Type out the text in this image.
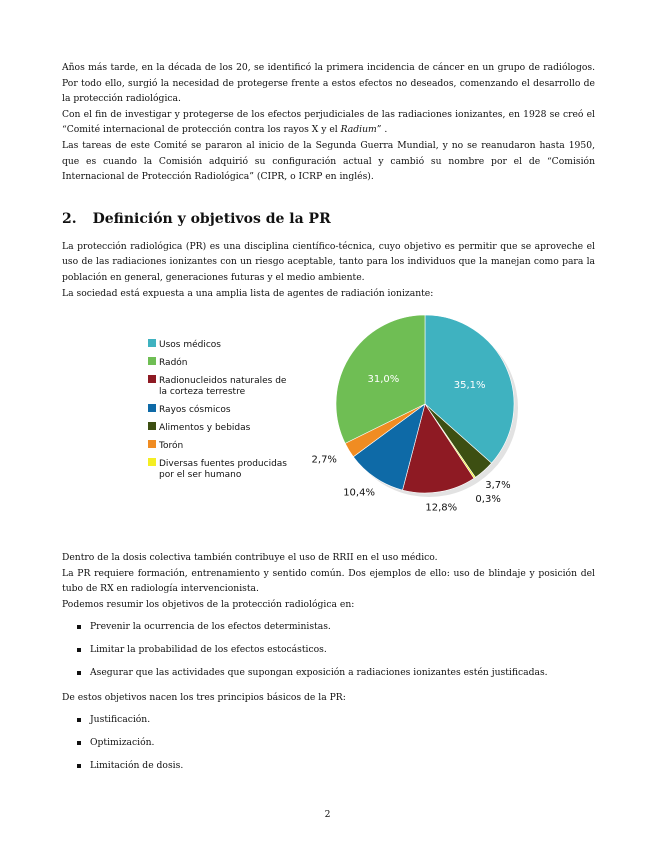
Años más tarde, en la década de los 20, se identificó la primera incidencia de cáncer en un grupo de radiólogos. Por todo ello, surgió la necesidad de protegerse frente a estos efectos no deseados, comenzando el desarrollo de la protección radiológica.

Con el fin de investigar y protegerse de los efectos perjudiciales de las radiaciones ionizantes, en 1928 se creó el “Comité internacional de protección contra los rayos X y el Radium” .

Las tareas de este Comité se pararon al inicio de la Segunda Guerra Mundial, y no se reanudaron hasta 1950, que es cuando la Comisión adquirió su configuración actual y cambió su nombre por el de “Comisión Internacional de Protección Radiológica” (CIPR, o ICRP en inglés).

2. Definición y objetivos de la PR

La protección radiológica (PR) es una disciplina científico-técnica, cuyo objetivo es permitir que se aproveche el uso de las radiaciones ionizantes con un riesgo aceptable, tanto para los individuos que la manejan como para la población en general, generaciones futuras y el medio ambiente.

La sociedad está expuesta a una amplia lista de agentes de radiación ionizante:

35,1%
31,0%
12,8%
10,4%
3,7%
2,7%
0,3%
Usos médicos
Radón
Radionucleidos naturales de
la corteza terrestre
Rayos cósmicos
Alimentos y bebidas
Torón
Diversas fuentes producidas
por el ser humano

Dentro de la dosis colectiva también contribuye el uso de RRII en el uso médico.

La PR requiere formación, entrenamiento y sentido común. Dos ejemplos de ello: uso de blindaje y posición del tubo de RX en radiología intervencionista.

Podemos resumir los objetivos de la protección radiológica en:

Prevenir la ocurrencia de los efectos deterministas.
Limitar la probabilidad de los efectos estocásticos.
Asegurar que las actividades que supongan exposición a radiaciones ionizantes estén justificadas.

De estos objetivos nacen los tres principios básicos de la PR:

Justificación.
Optimización.
Limitación de dosis.
2
